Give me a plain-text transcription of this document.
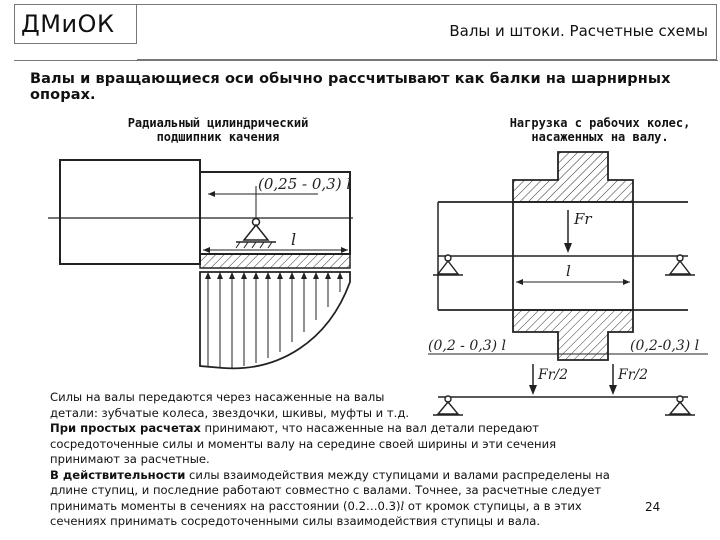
ДМиОК	Валы и штоки. Расчетные схемы
Валы и вращающиеся оси обычно рассчитывают как балки на шарнирных опорах.
Радиальный цилиндрический
подшипник качения
Нагрузка с рабочих колес,
насаженных на валу.
(0,25 - 0,3) l
l
Fr
l
(0,2 - 0,3) l	(0,2-0,3) l
Fr/2	Fr/2

Силы на валы передаются через насаженные на валы

детали: зубчатые колеса, звездочки, шкивы, муфты и т.д.

При простых расчетах принимают, что насаженные на вал детали передают

сосредоточенные силы и моменты валу на середине своей ширины и эти сечения

принимают за расчетные.

В действительности силы взаимодействия между ступицами и валами распределены на

длине ступиц, и последние работают совместно с валами. Точнее, за расчетные следует

принимать моменты в сечениях на расстоянии (0.2…0.3)l от кромок ступицы, а в этих

сечениях принимать сосредоточенными силы взаимодействия ступицы и вала.

24
